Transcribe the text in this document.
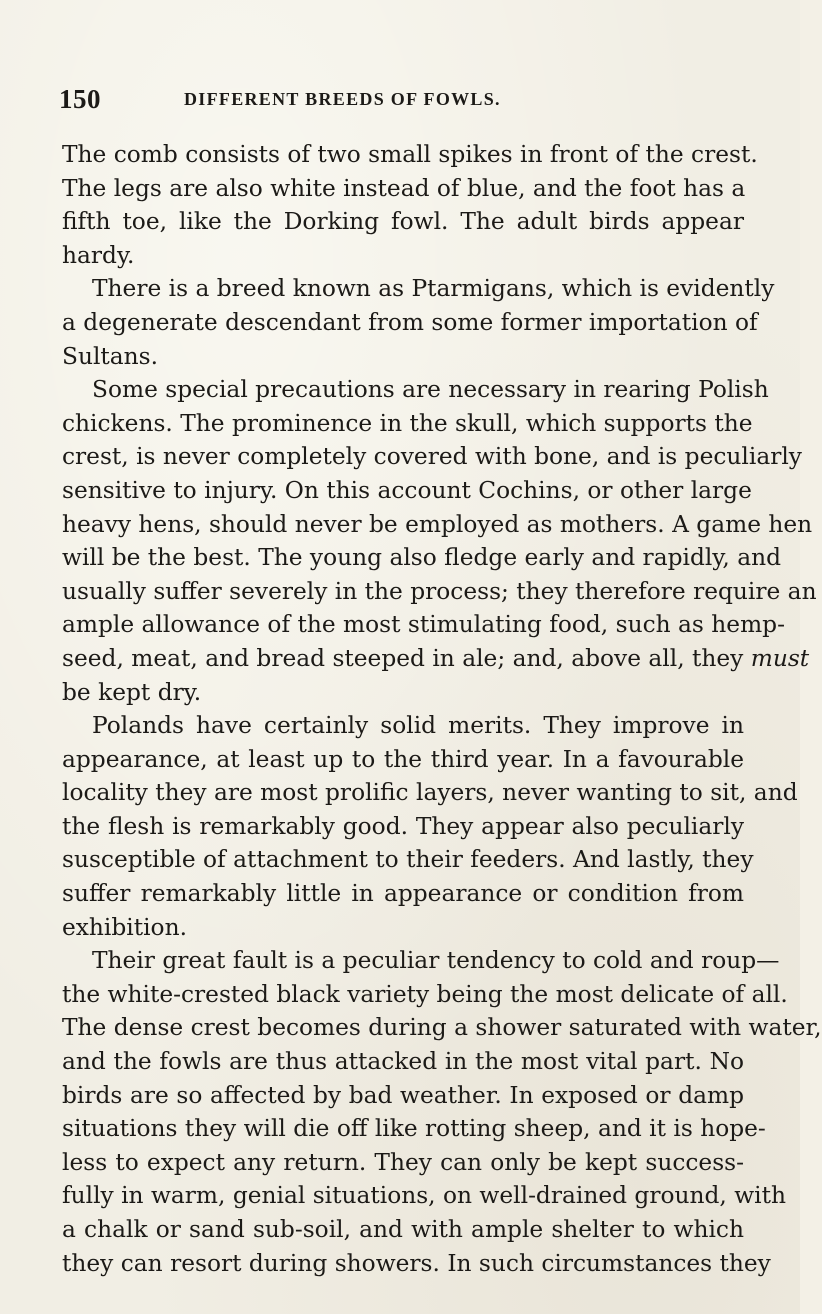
150	DIFFERENT BREEDS OF FOWLS.
The comb consists of two small spikes in front of the crest.
The legs are also white instead of blue, and the foot has a
fifth toe, like the Dorking fowl. The adult birds appear
hardy.
There is a breed known as Ptarmigans, which is evidently
a degenerate descendant from some former importation of
Sultans.
Some special precautions are necessary in rearing Polish
chickens. The prominence in the skull, which supports the
crest, is never completely covered with bone, and is peculiarly
sensitive to injury. On this account Cochins, or other large
heavy hens, should never be employed as mothers. A game hen
will be the best. The young also fledge early and rapidly, and
usually suffer severely in the process; they therefore require an
ample allowance of the most stimulating food, such as hemp-
seed, meat, and bread steeped in ale; and, above all, they must
be kept dry.
Polands have certainly solid merits. They improve in
appearance, at least up to the third year. In a favourable
locality they are most prolific layers, never wanting to sit, and
the flesh is remarkably good. They appear also peculiarly
susceptible of attachment to their feeders. And lastly, they
suffer remarkably little in appearance or condition from
exhibition.
Their great fault is a peculiar tendency to cold and roup—
the white-crested black variety being the most delicate of all.
The dense crest becomes during a shower saturated with water,
and the fowls are thus attacked in the most vital part. No
birds are so affected by bad weather. In exposed or damp
situations they will die off like rotting sheep, and it is hope-
less to expect any return. They can only be kept success-
fully in warm, genial situations, on well-drained ground, with
a chalk or sand sub-soil, and with ample shelter to which
they can resort during showers. In such circumstances they
